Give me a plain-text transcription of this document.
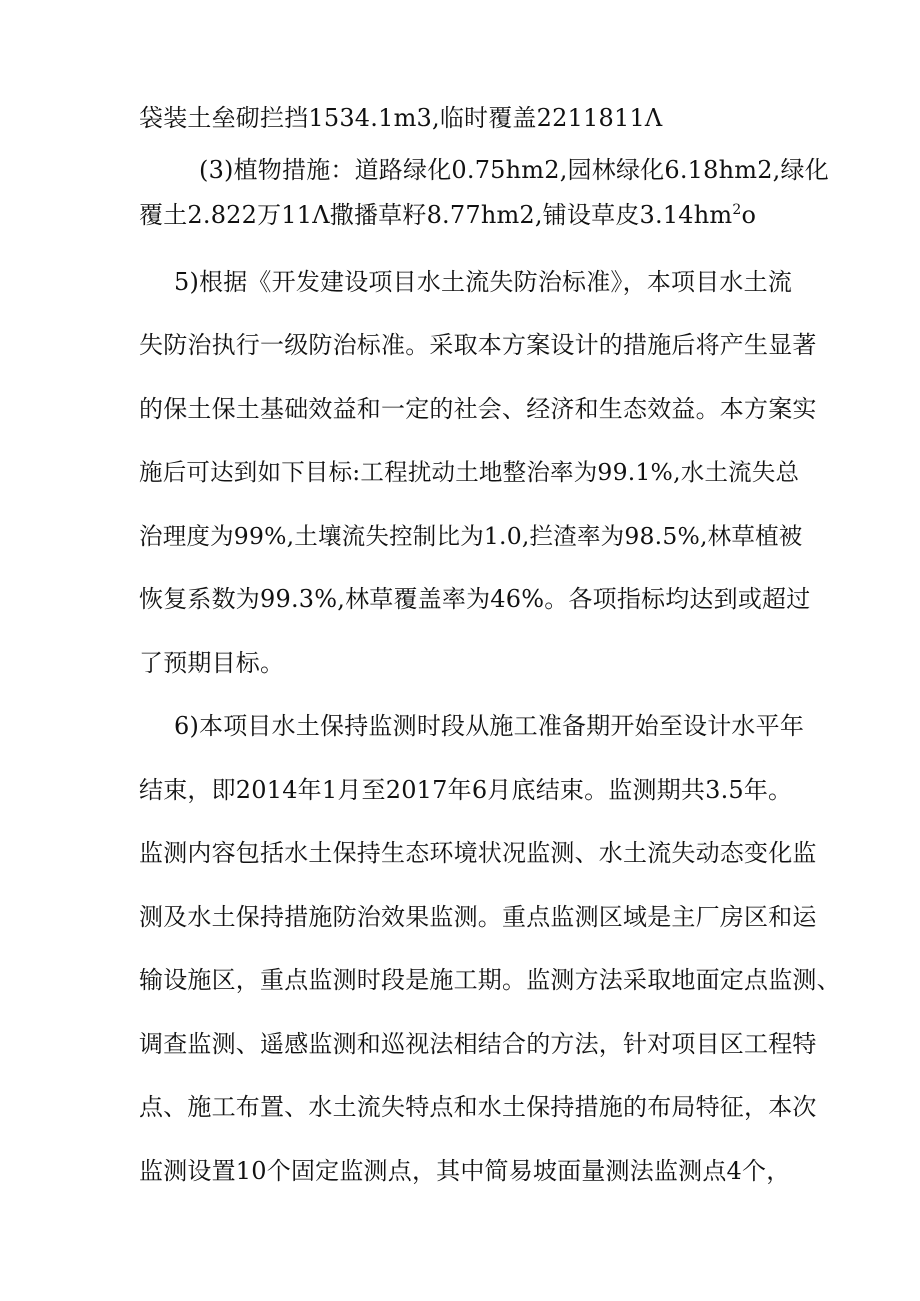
袋装土垒砌拦挡1534.1m3,临时覆盖2211811Λ
(3)植物措施：道路绿化0.75hm2,园林绿化6.18hm2,绿化
覆土2.822万11Λ撒播草籽8.77hm2,铺设草皮$3.14hm^2o$
5)根据《开发建设项目水土流失防治标准》，本项目水土流
失防治执行一级防治标准。采取本方案设计的措施后将产生显著
的保土保土基础效益和一定的社会、经济和生态效益。本方案实
施后可达到如下目标:工程扰动土地整治率为99.1%,水土流失总
治理度为99%,土壤流失控制比为1.0,拦渣率为98.5%,林草植被
恢复系数为99.3%,林草覆盖率为46%。各项指标均达到或超过
了预期目标。
6)本项目水土保持监测时段从施工准备期开始至设计水平年
结束，即2014年1月至2017年6月底结束。监测期共3.5年。
监测内容包括水土保持生态环境状况监测、水土流失动态变化监
测及水土保持措施防治效果监测。重点监测区域是主厂房区和运
输设施区，重点监测时段是施工期。监测方法采取地面定点监测、
调查监测、遥感监测和巡视法相结合的方法，针对项目区工程特
点、施工布置、水土流失特点和水土保持措施的布局特征，本次
监测设置10个固定监测点，其中简易坡面量测法监测点4个，
